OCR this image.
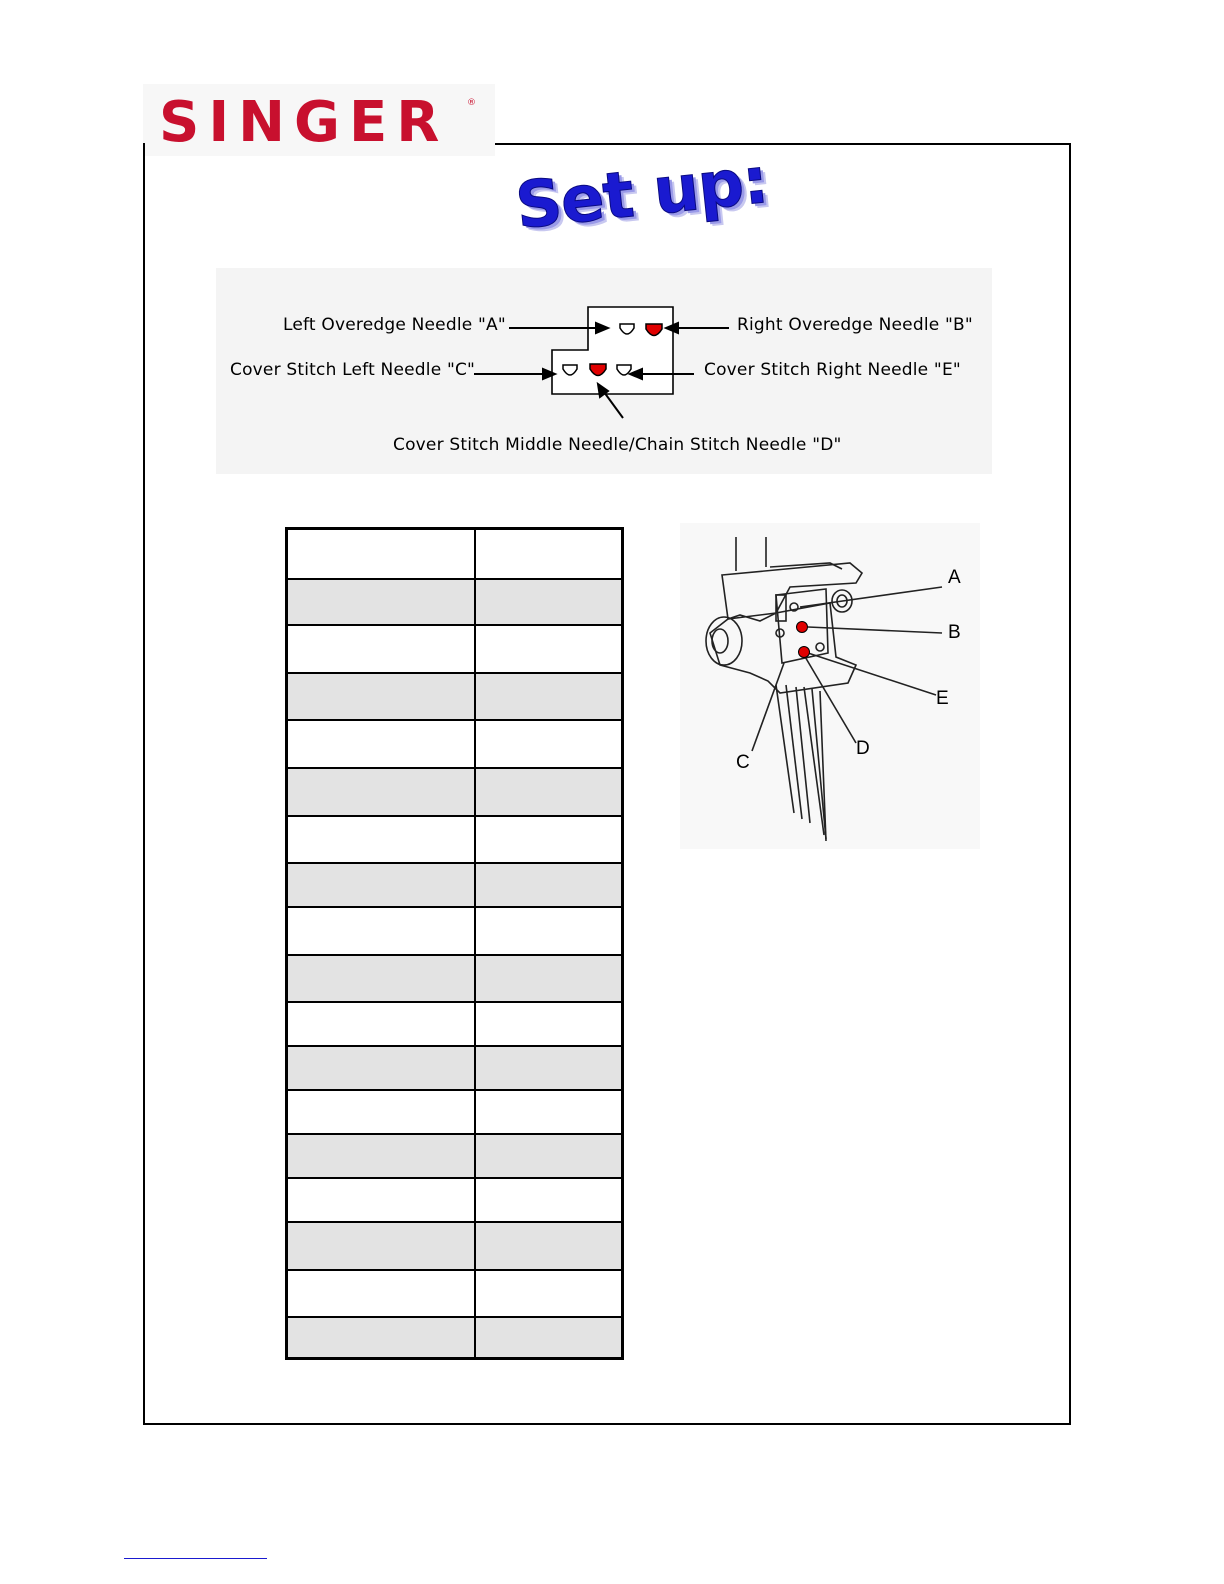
SINGER ®
Set up:
Left Overedge Needle "A"	Right Overedge Needle "B"
Cover Stitch Left Needle "C"	Cover Stitch Right Needle "E"
Cover Stitch Middle Needle/Chain Stitch Needle "D"

A
B
E
D
C
